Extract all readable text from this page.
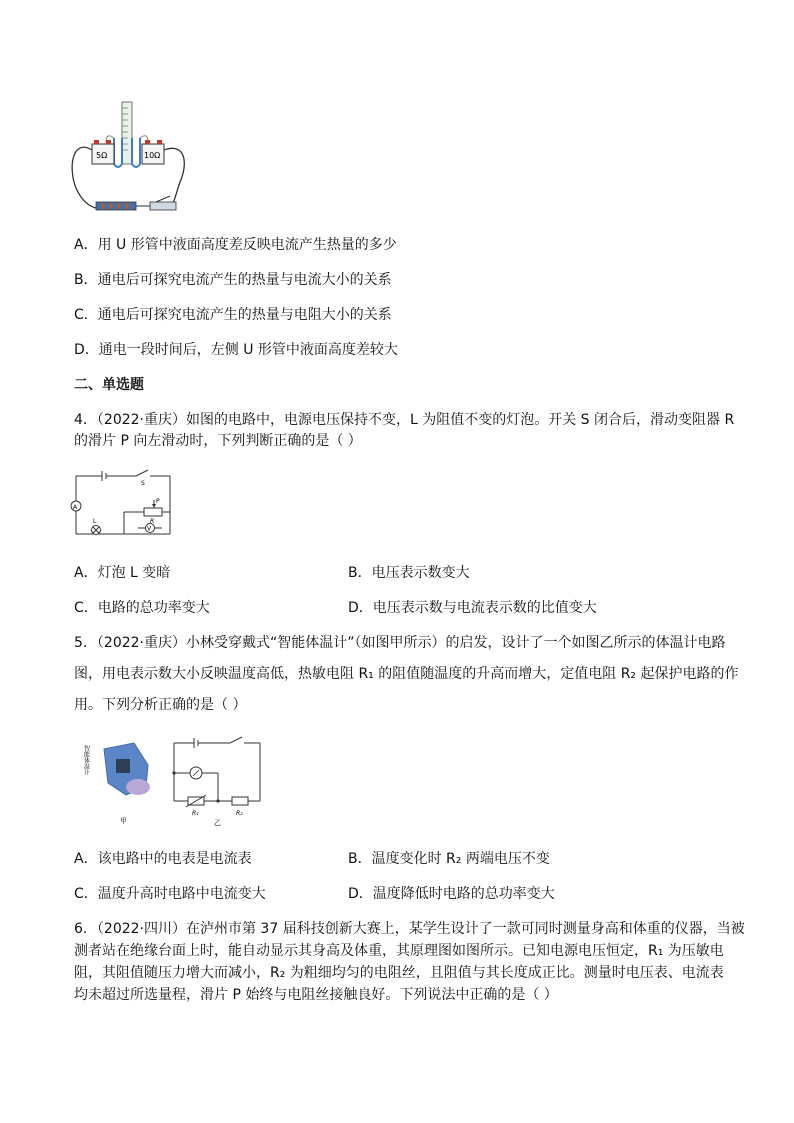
5Ω	10Ω
A．用 U 形管中液面高度差反映电流产生热量的多少
B．通电后可探究电流产生的热量与电流大小的关系
C．通电后可探究电流产生的热量与电阻大小的关系
D．通电一段时间后，左侧 U 形管中液面高度差较大
二、单选题
4．（2022·重庆）如图的电路中，电源电压保持不变，L 为阻值不变的灯泡。开关 S 闭合后，滑动变阻器 R
的滑片 P 向左滑动时，下列判断正确的是（ ）
A
V
L
S
P
R
A．灯泡 L 变暗	B．电压表示数变大
C．电路的总功率变大	D．电压表示数与电流表示数的比值变大
5．（2022·重庆）小林受穿戴式“智能体温计”（如图甲所示）的启发，设计了一个如图乙所示的体温计电路
图，用电表示数大小反映温度高低，热敏电阻 R₁ 的阻值随温度的升高而增大，定值电阻 R₂ 起保护电路的作
用。下列分析正确的是（ ）
智能体温计
甲
R₁	R₂
乙
A．该电路中的电表是电流表	B．温度变化时 R₂ 两端电压不变
C．温度升高时电路中电流变大	D．温度降低时电路的总功率变大
6．（2022·四川）在泸州市第 37 届科技创新大赛上，某学生设计了一款可同时测量身高和体重的仪器，当被
测者站在绝缘台面上时，能自动显示其身高及体重，其原理图如图所示。已知电源电压恒定，R₁ 为压敏电
阻，其阻值随压力增大而减小，R₂ 为粗细均匀的电阻丝，且阻值与其长度成正比。测量时电压表、电流表
均未超过所选量程，滑片 P 始终与电阻丝接触良好。下列说法中正确的是（ ）
